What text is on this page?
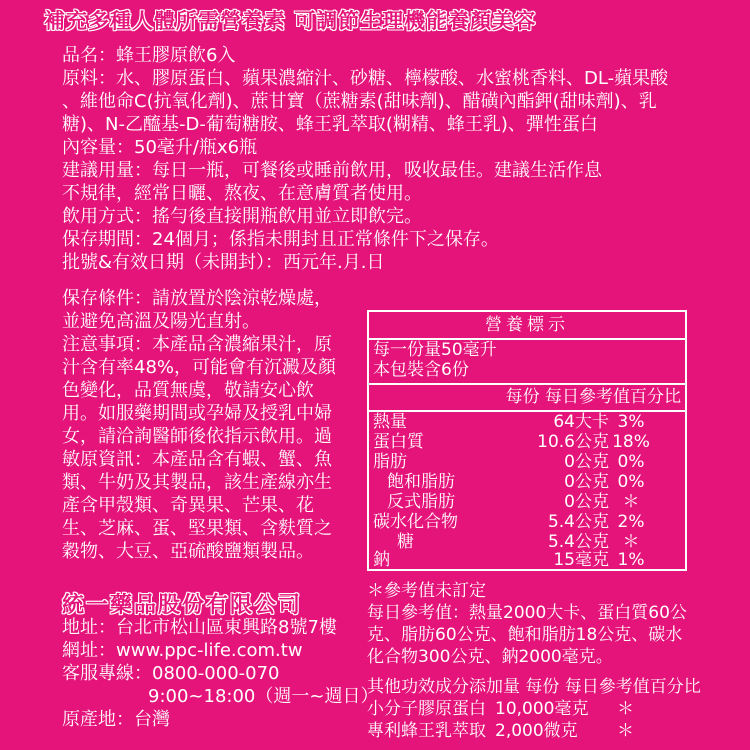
補充多種人體所需營養素 可調節生理機能養顏美容
品名：蜂王膠原飲6入
原料：水、膠原蛋白、蘋果濃縮汁、砂糖、檸檬酸、水蜜桃香料、DL-蘋果酸
、維他命C(抗氧化劑)、蔗甘寶（蔗糖素(甜味劑)、醋磺內酯鉀(甜味劑)、乳
糖)、N-乙醯基-D-葡萄糖胺、蜂王乳萃取(糊精、蜂王乳)、彈性蛋白
內容量：50毫升/瓶x6瓶
建議用量：每日一瓶，可餐後或睡前飲用，吸收最佳。建議生活作息
不規律，經常日曬、熬夜、在意膚質者使用。
飲用方式：搖勻後直接開瓶飲用並立即飲完。
保存期間：24個月；係指未開封且正常條件下之保存。
批號&有效日期（未開封）：西元年.月.日
保存條件：請放置於陰涼乾燥處，
並避免高溫及陽光直射。
注意事項：本產品含濃縮果汁，原
汁含有率48%，可能會有沉澱及顏
色變化，品質無虞，敬請安心飲
用。如服藥期間或孕婦及授乳中婦
女，請洽詢醫師後依指示飲用。過
敏原資訊：本產品含有蝦、蟹、魚
類、牛奶及其製品，該生產線亦生
產含甲殼類、奇異果、芒果、花
生、芝麻、蛋、堅果類、含麩質之
穀物、大豆、亞硫酸鹽類製品。
營養標示
每一份量50毫升
本包裝含6份
每份 每日參考值百分比
熱量	64大卡 3%
蛋白質	10.6公克 18%
脂肪	0公克 0%
飽和脂肪	0公克 0%
反式脂肪	0公克 ＊
碳水化合物	5.4公克 2%
糖	5.4公克 ＊
鈉	15毫克 1%
＊參考值未訂定
每日參考值：熱量2000大卡、蛋白質60公
克、脂肪60公克、飽和脂肪18公克、碳水
化合物300公克、鈉2000毫克。
統一藥品股份有限公司
地址：台北市松山區東興路8號7樓
網址：www.ppc-life.com.tw
客服專線：0800-000-070
9:00~18:00（週一~週日）
原產地：台灣
其他功效成分添加量 每份 每日參考值百分比
小分子膠原蛋白 10,000毫克 ＊
專利蜂王乳萃取 2,000微克 ＊
